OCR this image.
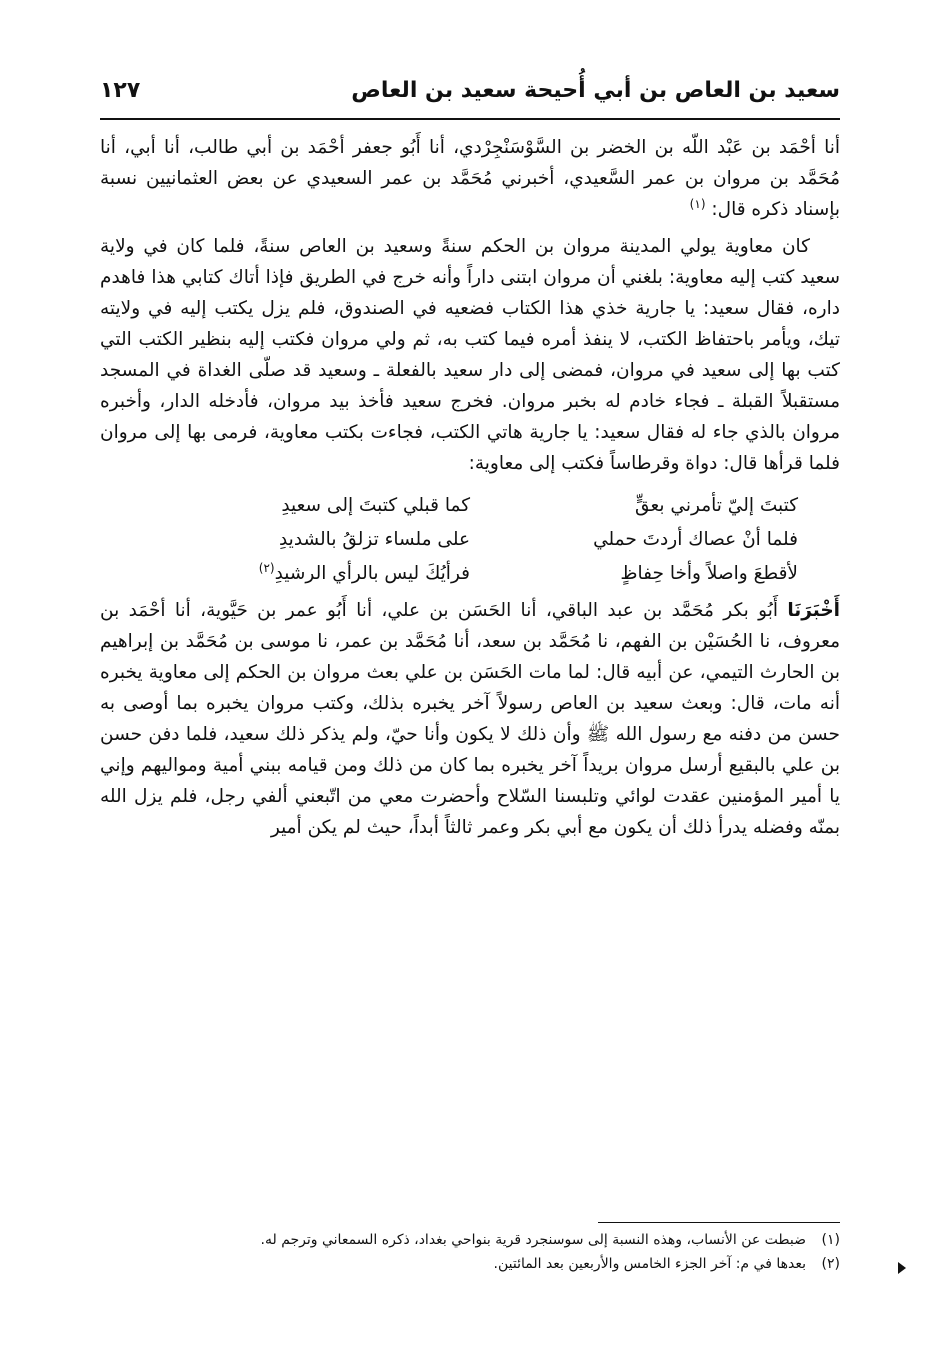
سعيد بن العاص بن أبي أُحيحة سعيد بن العاص
١٢٧

أنا أحْمَد بن عَبْد اللّه بن الخضر بن السَّوْسَنْجِرْدي، أنا أَبُو جعفر أحْمَد بن أبي طالب، أنا أبي، أنا مُحَمَّد بن مروان بن عمر السَّعيدي، أخبرني مُحَمَّد بن عمر السعيدي عن بعض العثمانيين نسبة بإسناد ذكره قال: $^{(١)}$

كان معاوية يولي المدينة مروان بن الحكم سنةً وسعيد بن العاص سنةً، فلما كان في ولاية سعيد كتب إليه معاوية: بلغني أن مروان ابتنى داراً وأنه خرج في الطريق فإذا أتاك كتابي هذا فاهدم داره، فقال سعيد: يا جارية خذي هذا الكتاب فضعيه في الصندوق، فلم يزل يكتب إليه في ولايته تيك، ويأمر باحتفاظ الكتب، لا ينفذ أمره فيما كتب به، ثم ولي مروان فكتب إليه بنظير الكتب التي كتب بها إلى سعيد في مروان، فمضى إلى دار سعيد بالفعلة ـ وسعيد قد صلّى الغداة في المسجد مستقبلاً القبلة ـ فجاء خادم له بخبر مروان. فخرج سعيد فأخذ بيد مروان، فأدخله الدار، وأخبره مروان بالذي جاء له فقال سعيد: يا جارية هاتي الكتب، فجاءت بكتب معاوية، فرمى بها إلى مروان فلما قرأها قال: دواة وقرطاساً فكتب إلى معاوية:

كتبتَ إليّ تأمرني بعقٍّ
كما قبلي كتبتَ إلى سعيدِ
فلما أنْ عصاك أردتَ حملي
على ملساء تزلقُ بالشديدِ
لأقطعَ واصلاً وأخا حِفاظٍ
فرأيُكَ ليس بالرأي الرشيدِ$^{(٢)}$

أَخْبَرَنَا أَبُو بكر مُحَمَّد بن عبد الباقي، أنا الحَسَن بن علي، أنا أَبُو عمر بن حَيَّوية، أنا أحْمَد بن معروف، نا الحُسَيْن بن الفهم، نا مُحَمَّد بن سعد، أنا مُحَمَّد بن عمر، نا موسى بن مُحَمَّد بن إبراهيم بن الحارث التيمي، عن أبيه قال: لما مات الحَسَن بن علي بعث مروان بن الحكم إلى معاوية يخبره أنه مات، قال: وبعث سعيد بن العاص رسولاً آخر يخبره بذلك، وكتب مروان يخبره بما أوصى به حسن من دفنه مع رسول الله ﷺ وأن ذلك لا يكون وأنا حيّ، ولم يذكر ذلك سعيد، فلما دفن حسن بن علي بالبقيع أرسل مروان بريداً آخر يخبره بما كان من ذلك ومن قيامه ببني أمية ومواليهم وإني يا أمير المؤمنين عقدت لوائي وتلبسنا السّلاح وأحضرت معي من اتّبعني ألفي رجل، فلم يزل الله بمنّه وفضله يدرأ ذلك أن يكون مع أبي بكر وعمر ثالثاً أبداً، حيث لم يكن أمير

(١)ضبطت عن الأنساب، وهذه النسبة إلى سوسنجرد قرية بنواحي بغداد، ذكره السمعاني وترجم له.
(٢)بعدها في م: آخر الجزء الخامس والأربعين بعد المائتين.
